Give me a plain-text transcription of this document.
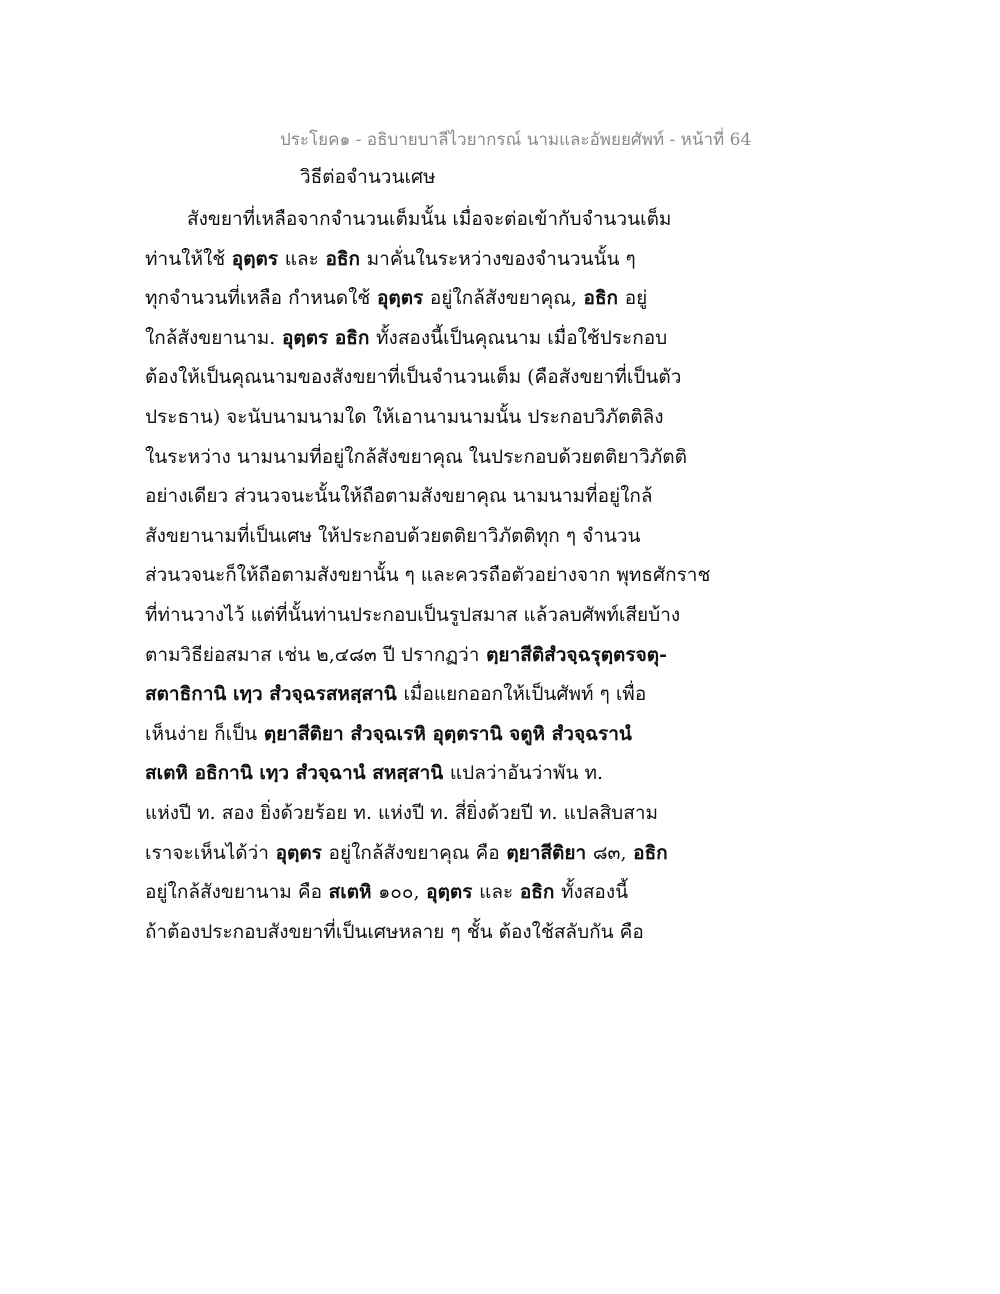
ประโยค๑ - อธิบายบาลีไวยากรณ์ นามและอัพยยศัพท์ - หน้าที่ 64
วิธีต่อจำนวนเศษ
สังขยาที่เหลือจากจำนวนเต็มนั้น เมื่อจะต่อเข้ากับจำนวนเต็ม
ท่านให้ใช้ อุตฺตร และ อธิก มาคั่นในระหว่างของจำนวนนั้น ๆ
ทุกจำนวนที่เหลือ กำหนดใช้ อุตฺตร อยู่ใกล้สังขยาคุณ, อธิก อยู่
ใกล้สังขยานาม. อุตฺตร อธิก ทั้งสองนี้เป็นคุณนาม เมื่อใช้ประกอบ
ต้องให้เป็นคุณนามของสังขยาที่เป็นจำนวนเต็ม (คือสังขยาที่เป็นตัว
ประธาน) จะนับนามนามใด ให้เอานามนามนั้น ประกอบวิภัตติลิง
ในระหว่าง นามนามที่อยู่ใกล้สังขยาคุณ ในประกอบด้วยตติยาวิภัตติ
อย่างเดียว ส่วนวจนะนั้นให้ถือตามสังขยาคุณ นามนามที่อยู่ใกล้
สังขยานามที่เป็นเศษ ให้ประกอบด้วยตติยาวิภัตติทุก ๆ จำนวน
ส่วนวจนะก็ให้ถือตามสังขยานั้น ๆ และควรถือตัวอย่างจาก พุทธศักราช
ที่ท่านวางไว้ แต่ที่นั้นท่านประกอบเป็นรูปสมาส แล้วลบศัพท์เสียบ้าง
ตามวิธีย่อสมาส เช่น ๒,๔๘๓ ปี ปรากฏว่า ตฺยาสีติสํวจฺฉรุตฺตรจตุ-
สตาธิกานิ เทฺว สํวจฺฉรสหสฺสานิ เมื่อแยกออกให้เป็นศัพท์ ๆ เพื่อ
เห็นง่าย ก็เป็น ตฺยาสีติยา สํวจฺฉเรหิ อุตฺตรานิ จตูหิ สํวจฺฉรานํ
สเตหิ อธิกานิ เทฺว สํวจฺฉานํ สหสฺสานิ แปลว่าอันว่าพัน ท.
แห่งปี ท. สอง ยิ่งด้วยร้อย ท. แห่งปี ท. สี่ยิ่งด้วยปี ท. แปลสิบสาม
เราจะเห็นได้ว่า อุตฺตร อยู่ใกล้สังขยาคุณ คือ ตฺยาสีติยา ๘๓, อธิก
อยู่ใกล้สังขยานาม คือ สเตหิ ๑๐๐, อุตฺตร และ อธิก ทั้งสองนี้
ถ้าต้องประกอบสังขยาที่เป็นเศษหลาย ๆ ชั้น ต้องใช้สลับกัน คือ
